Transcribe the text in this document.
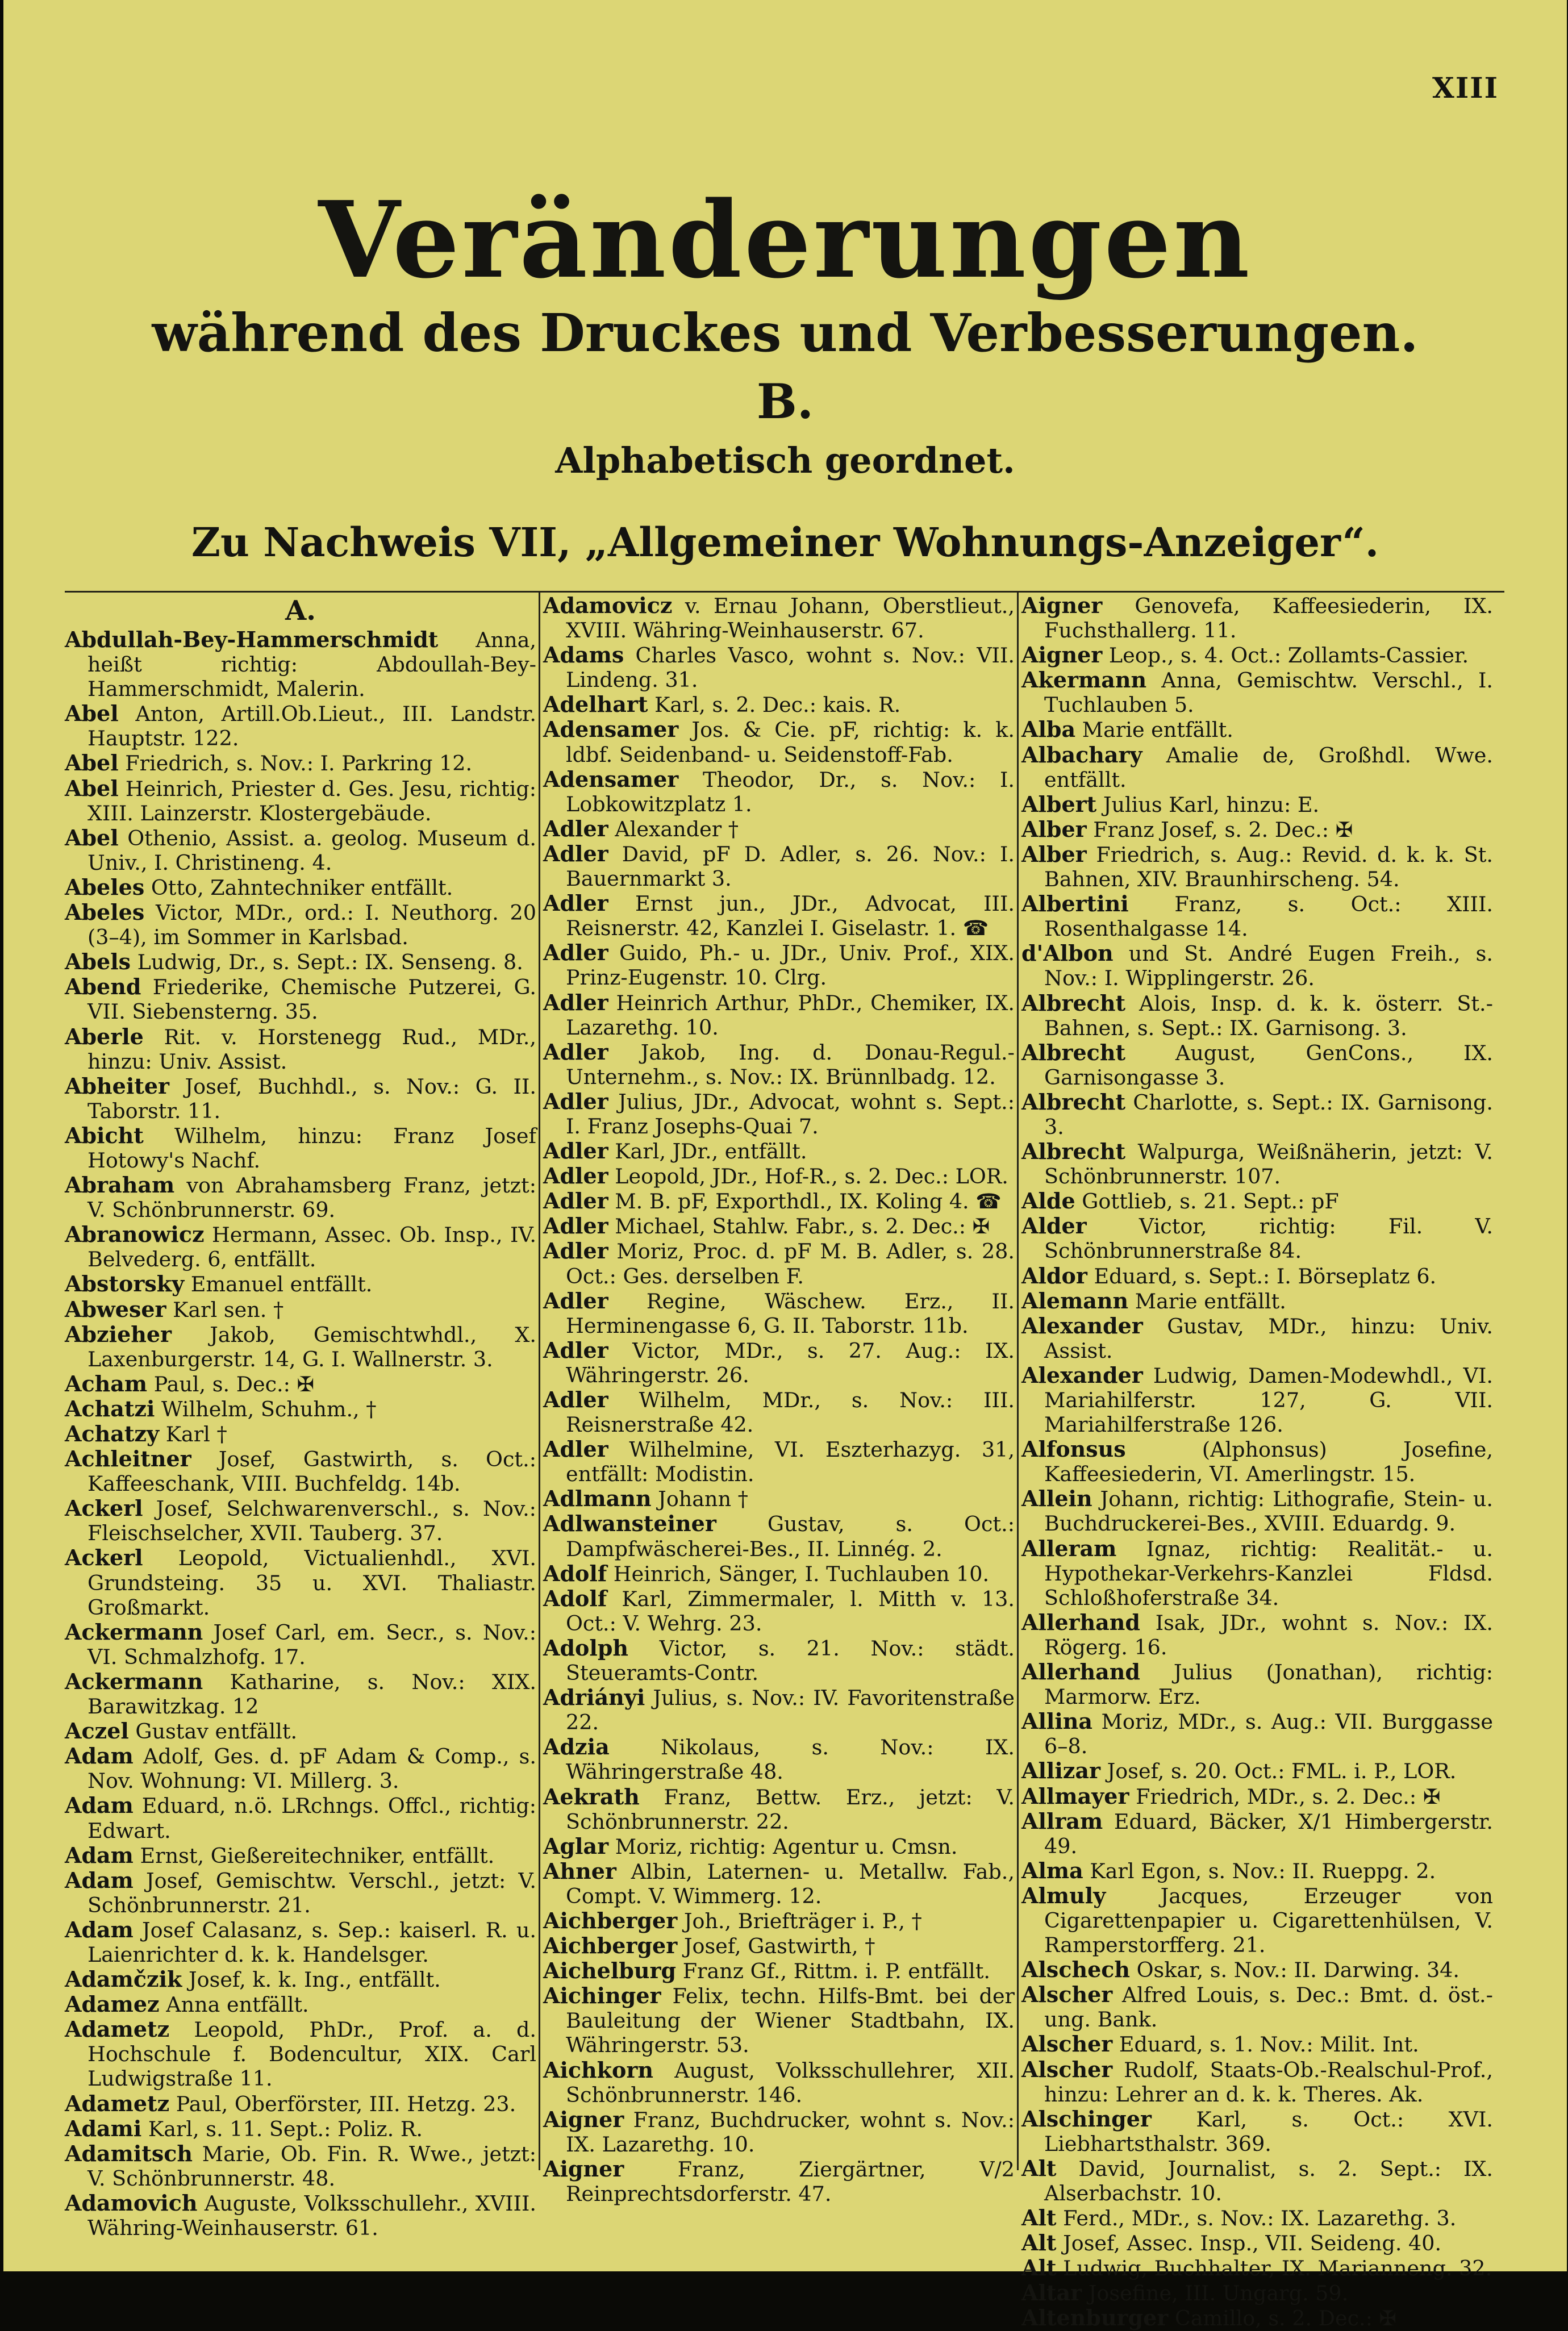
XIII
Veränderungen
während des Druckes und Verbesserungen.
B.
Alphabetisch geordnet.
Zu Nachweis VII, „Allgemeiner Wohnungs-Anzeiger“.
A.

Abdullah-Bey-Hammerschmidt Anna, heißt richtig: Abdoullah-Bey-Hammerschmidt, Malerin.

Abel Anton, Artill.Ob.Lieut., III. Landstr. Hauptstr. 122.

Abel Friedrich, s. Nov.: I. Parkring 12.

Abel Heinrich, Priester d. Ges. Jesu, richtig: XIII. Lainzerstr. Klostergebäude.

Abel Othenio, Assist. a. geolog. Museum d. Univ., I. Christineng. 4.

Abeles Otto, Zahntechniker entfällt.

Abeles Victor, MDr., ord.: I. Neuthorg. 20 (3–4), im Sommer in Karlsbad.

Abels Ludwig, Dr., s. Sept.: IX. Senseng. 8.

Abend Friederike, Chemische Putzerei, G. VII. Siebensterng. 35.

Aberle Rit. v. Horstenegg Rud., MDr., hinzu: Univ. Assist.

Abheiter Josef, Buchhdl., s. Nov.: G. II. Taborstr. 11.

Abicht Wilhelm, hinzu: Franz Josef Hotowy's Nachf.

Abraham von Abrahamsberg Franz, jetzt: V. Schönbrunnerstr. 69.

Abranowicz Hermann, Assec. Ob. Insp., IV. Belvederg. 6, entfällt.

Abstorsky Emanuel entfällt.

Abweser Karl sen. †

Abzieher Jakob, Gemischtwhdl., X. Laxenburgerstr. 14, G. I. Wallnerstr. 3.

Acham Paul, s. Dec.: ✠

Achatzi Wilhelm, Schuhm., †

Achatzy Karl †

Achleitner Josef, Gastwirth, s. Oct.: Kaffeeschank, VIII. Buchfeldg. 14b.

Ackerl Josef, Selchwarenverschl., s. Nov.: Fleischselcher, XVII. Tauberg. 37.

Ackerl Leopold, Victualienhdl., XVI. Grundsteing. 35 u. XVI. Thaliastr. Großmarkt.

Ackermann Josef Carl, em. Secr., s. Nov.: VI. Schmalzhofg. 17.

Ackermann Katharine, s. Nov.: XIX. Barawitzkag. 12

Aczel Gustav entfällt.

Adam Adolf, Ges. d. pF Adam & Comp., s. Nov. Wohnung: VI. Millerg. 3.

Adam Eduard, n.ö. LRchngs. Offcl., richtig: Edwart.

Adam Ernst, Gießereitechniker, entfällt.

Adam Josef, Gemischtw. Verschl., jetzt: V. Schönbrunnerstr. 21.

Adam Josef Calasanz, s. Sep.: kaiserl. R. u. Laienrichter d. k. k. Handelsger.

Adamčzik Josef, k. k. Ing., entfällt.

Adamez Anna entfällt.

Adametz Leopold, PhDr., Prof. a. d. Hochschule f. Bodencultur, XIX. Carl Ludwigstraße 11.

Adametz Paul, Oberförster, III. Hetzg. 23.

Adami Karl, s. 11. Sept.: Poliz. R.

Adamitsch Marie, Ob. Fin. R. Wwe., jetzt: V. Schönbrunnerstr. 48.

Adamovich Auguste, Volksschullehr., XVIII. Währing-Weinhauserstr. 61.

Adamovicz v. Ernau Johann, Oberstlieut., XVIII. Währing-Weinhauserstr. 67.

Adams Charles Vasco, wohnt s. Nov.: VII. Lindeng. 31.

Adelhart Karl, s. 2. Dec.: kais. R.

Adensamer Jos. & Cie. pF, richtig: k. k. ldbf. Seidenband- u. Seidenstoff-Fab.

Adensamer Theodor, Dr., s. Nov.: I. Lobkowitzplatz 1.

Adler Alexander †

Adler David, pF D. Adler, s. 26. Nov.: I. Bauernmarkt 3.

Adler Ernst jun., JDr., Advocat, III. Reisnerstr. 42, Kanzlei I. Giselastr. 1. ☎

Adler Guido, Ph.- u. JDr., Univ. Prof., XIX. Prinz-Eugenstr. 10. Clrg.

Adler Heinrich Arthur, PhDr., Chemiker, IX. Lazarethg. 10.

Adler Jakob, Ing. d. Donau-Regul.-Unternehm., s. Nov.: IX. Brünnlbadg. 12.

Adler Julius, JDr., Advocat, wohnt s. Sept.: I. Franz Josephs-Quai 7.

Adler Karl, JDr., entfällt.

Adler Leopold, JDr., Hof-R., s. 2. Dec.: LOR.

Adler M. B. pF, Exporthdl., IX. Koling 4. ☎

Adler Michael, Stahlw. Fabr., s. 2. Dec.: ✠

Adler Moriz, Proc. d. pF M. B. Adler, s. 28. Oct.: Ges. derselben F.

Adler Regine, Wäschew. Erz., II. Herminengasse 6, G. II. Taborstr. 11b.

Adler Victor, MDr., s. 27. Aug.: IX. Währingerstr. 26.

Adler Wilhelm, MDr., s. Nov.: III. Reisnerstraße 42.

Adler Wilhelmine, VI. Eszterhazyg. 31, entfällt: Modistin.

Adlmann Johann †

Adlwansteiner Gustav, s. Oct.: Dampfwäscherei-Bes., II. Linnég. 2.

Adolf Heinrich, Sänger, I. Tuchlauben 10.

Adolf Karl, Zimmermaler, l. Mitth v. 13. Oct.: V. Wehrg. 23.

Adolph Victor, s. 21. Nov.: städt. Steueramts-Contr.

Adriányi Julius, s. Nov.: IV. Favoritenstraße 22.

Adzia Nikolaus, s. Nov.: IX. Währingerstraße 48.

Aekrath Franz, Bettw. Erz., jetzt: V. Schönbrunnerstr. 22.

Aglar Moriz, richtig: Agentur u. Cmsn.

Ahner Albin, Laternen- u. Metallw. Fab., Compt. V. Wimmerg. 12.

Aichberger Joh., Briefträger i. P., †

Aichberger Josef, Gastwirth, †

Aichelburg Franz Gf., Rittm. i. P. entfällt.

Aichinger Felix, techn. Hilfs-Bmt. bei der Bauleitung der Wiener Stadtbahn, IX. Währingerstr. 53.

Aichkorn August, Volksschullehrer, XII. Schönbrunnerstr. 146.

Aigner Franz, Buchdrucker, wohnt s. Nov.: IX. Lazarethg. 10.

Aigner Franz, Ziergärtner, V/2 Reinprechtsdorferstr. 47.

Aigner Genovefa, Kaffeesiederin, IX. Fuchsthallerg. 11.

Aigner Leop., s. 4. Oct.: Zollamts-Cassier.

Akermann Anna, Gemischtw. Verschl., I. Tuchlauben 5.

Alba Marie entfällt.

Albachary Amalie de, Großhdl. Wwe. entfällt.

Albert Julius Karl, hinzu: E.

Alber Franz Josef, s. 2. Dec.: ✠

Alber Friedrich, s. Aug.: Revid. d. k. k. St. Bahnen, XIV. Braunhirscheng. 54.

Albertini Franz, s. Oct.: XIII. Rosenthalgasse 14.

d'Albon und St. André Eugen Freih., s. Nov.: I. Wipplingerstr. 26.

Albrecht Alois, Insp. d. k. k. österr. St.-Bahnen, s. Sept.: IX. Garnisong. 3.

Albrecht August, GenCons., IX. Garnisongasse 3.

Albrecht Charlotte, s. Sept.: IX. Garnisong. 3.

Albrecht Walpurga, Weißnäherin, jetzt: V. Schönbrunnerstr. 107.

Alde Gottlieb, s. 21. Sept.: pF

Alder Victor, richtig: Fil. V. Schönbrunnerstraße 84.

Aldor Eduard, s. Sept.: I. Börseplatz 6.

Alemann Marie entfällt.

Alexander Gustav, MDr., hinzu: Univ. Assist.

Alexander Ludwig, Damen-Modewhdl., VI. Mariahilferstr. 127, G. VII. Mariahilferstraße 126.

Alfonsus (Alphonsus) Josefine, Kaffeesiederin, VI. Amerlingstr. 15.

Allein Johann, richtig: Lithografie, Stein- u. Buchdruckerei-Bes., XVIII. Eduardg. 9.

Alleram Ignaz, richtig: Realität.- u. Hypothekar-Verkehrs-Kanzlei Fldsd. Schloßhoferstraße 34.

Allerhand Isak, JDr., wohnt s. Nov.: IX. Rögerg. 16.

Allerhand Julius (Jonathan), richtig: Marmorw. Erz.

Allina Moriz, MDr., s. Aug.: VII. Burggasse 6–8.

Allizar Josef, s. 20. Oct.: FML. i. P., LOR.

Allmayer Friedrich, MDr., s. 2. Dec.: ✠

Allram Eduard, Bäcker, X/1 Himbergerstr. 49.

Alma Karl Egon, s. Nov.: II. Rueppg. 2.

Almuly Jacques, Erzeuger von Cigarettenpapier u. Cigarettenhülsen, V. Ramperstorfferg. 21.

Alschech Oskar, s. Nov.: II. Darwing. 34.

Alscher Alfred Louis, s. Dec.: Bmt. d. öst.-ung. Bank.

Alscher Eduard, s. 1. Nov.: Milit. Int.

Alscher Rudolf, Staats-Ob.-Realschul-Prof., hinzu: Lehrer an d. k. k. Theres. Ak.

Alschinger Karl, s. Oct.: XVI. Liebhartsthalstr. 369.

Alt David, Journalist, s. 2. Sept.: IX. Alserbachstr. 10.

Alt Ferd., MDr., s. Nov.: IX. Lazarethg. 3.

Alt Josef, Assec. Insp., VII. Seideng. 40.

Alt Ludwig, Buchhalter, IX. Marianneng. 32.

Altar Josefine, III. Ungarg. 59.

Altenburger Camillo, s. 2. Dec.: ✠
